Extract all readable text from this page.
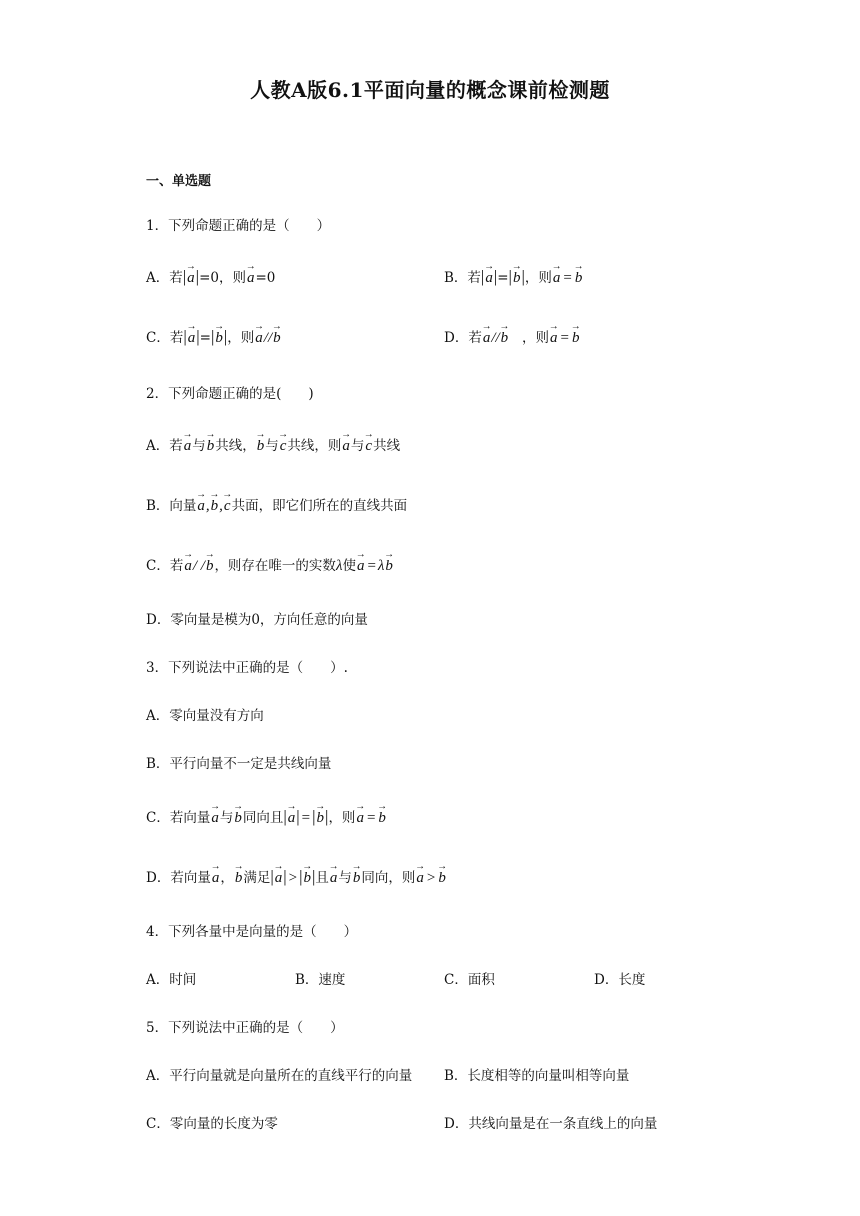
人教A版6.1平面向量的概念课前检测题
一、单选题
1．下列命题正确的是（　　）
A．若|→ a|=0，则→ a=0	B．若|→ a|=|→ b|，则→ a = → b
C．若|→ a|=|→ b|，则→ a//→ b	D．若→ a//→ b ，则→ a = → b
2．下列命题正确的是(　　)
A．若→ a与→ b共线，→ b与→ c共线，则→ a与→ c共线
B．向量→ a,→ b,→ c共面，即它们所在的直线共面
C．若→ a/ /→ b，则存在唯一的实数λ使→ a = λ→ b
D．零向量是模为0，方向任意的向量
3．下列说法中正确的是（　　）.
A．零向量没有方向
B．平行向量不一定是共线向量
C．若向量→ a与→ b同向且|→ a| = |→ b|，则→ a = → b
D．若向量→ a，→ b满足|→ a| > |→ b|且→ a与→ b同向，则→ a > → b
4．下列各量中是向量的是（　　）
A．时间	B．速度	C．面积	D．长度
5．下列说法中正确的是（　　）
A．平行向量就是向量所在的直线平行的向量 B．长度相等的向量叫相等向量
C．零向量的长度为零	D．共线向量是在一条直线上的向量
